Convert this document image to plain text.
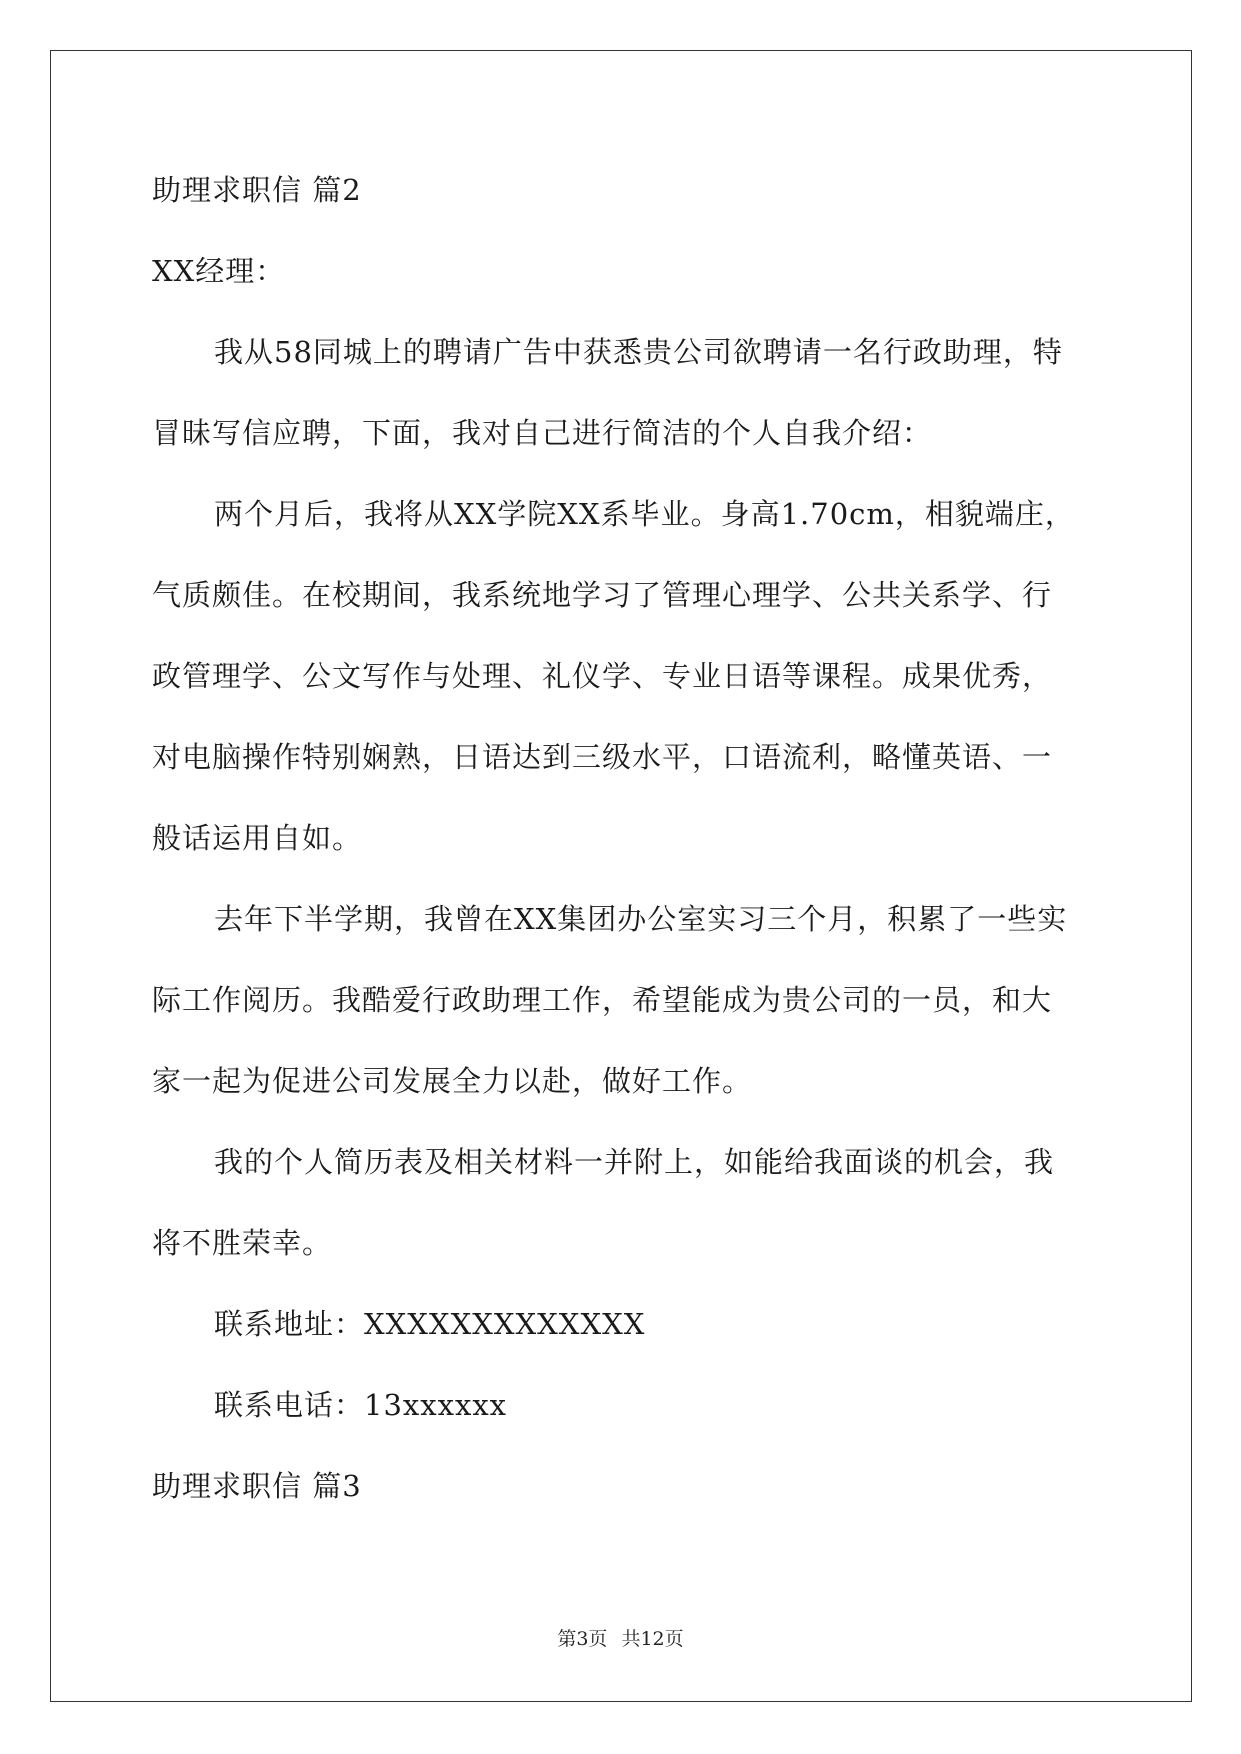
助理求职信 篇2
XX经理：
我从58同城上的聘请广告中获悉贵公司欲聘请一名行政助理，特
冒昧写信应聘，下面，我对自己进行简洁的个人自我介绍：
两个月后，我将从XX学院XX系毕业。身高1.70cm，相貌端庄，
气质颇佳。在校期间，我系统地学习了管理心理学、公共关系学、行
政管理学、公文写作与处理、礼仪学、专业日语等课程。成果优秀，
对电脑操作特别娴熟，日语达到三级水平，口语流利，略懂英语、一
般话运用自如。
去年下半学期，我曾在XX集团办公室实习三个月，积累了一些实
际工作阅历。我酷爱行政助理工作，希望能成为贵公司的一员，和大
家一起为促进公司发展全力以赴，做好工作。
我的个人简历表及相关材料一并附上，如能给我面谈的机会，我
将不胜荣幸。
联系地址：XXXXXXXXXXXXX
联系电话：13xxxxxx
助理求职信 篇3
第3页 共12页
